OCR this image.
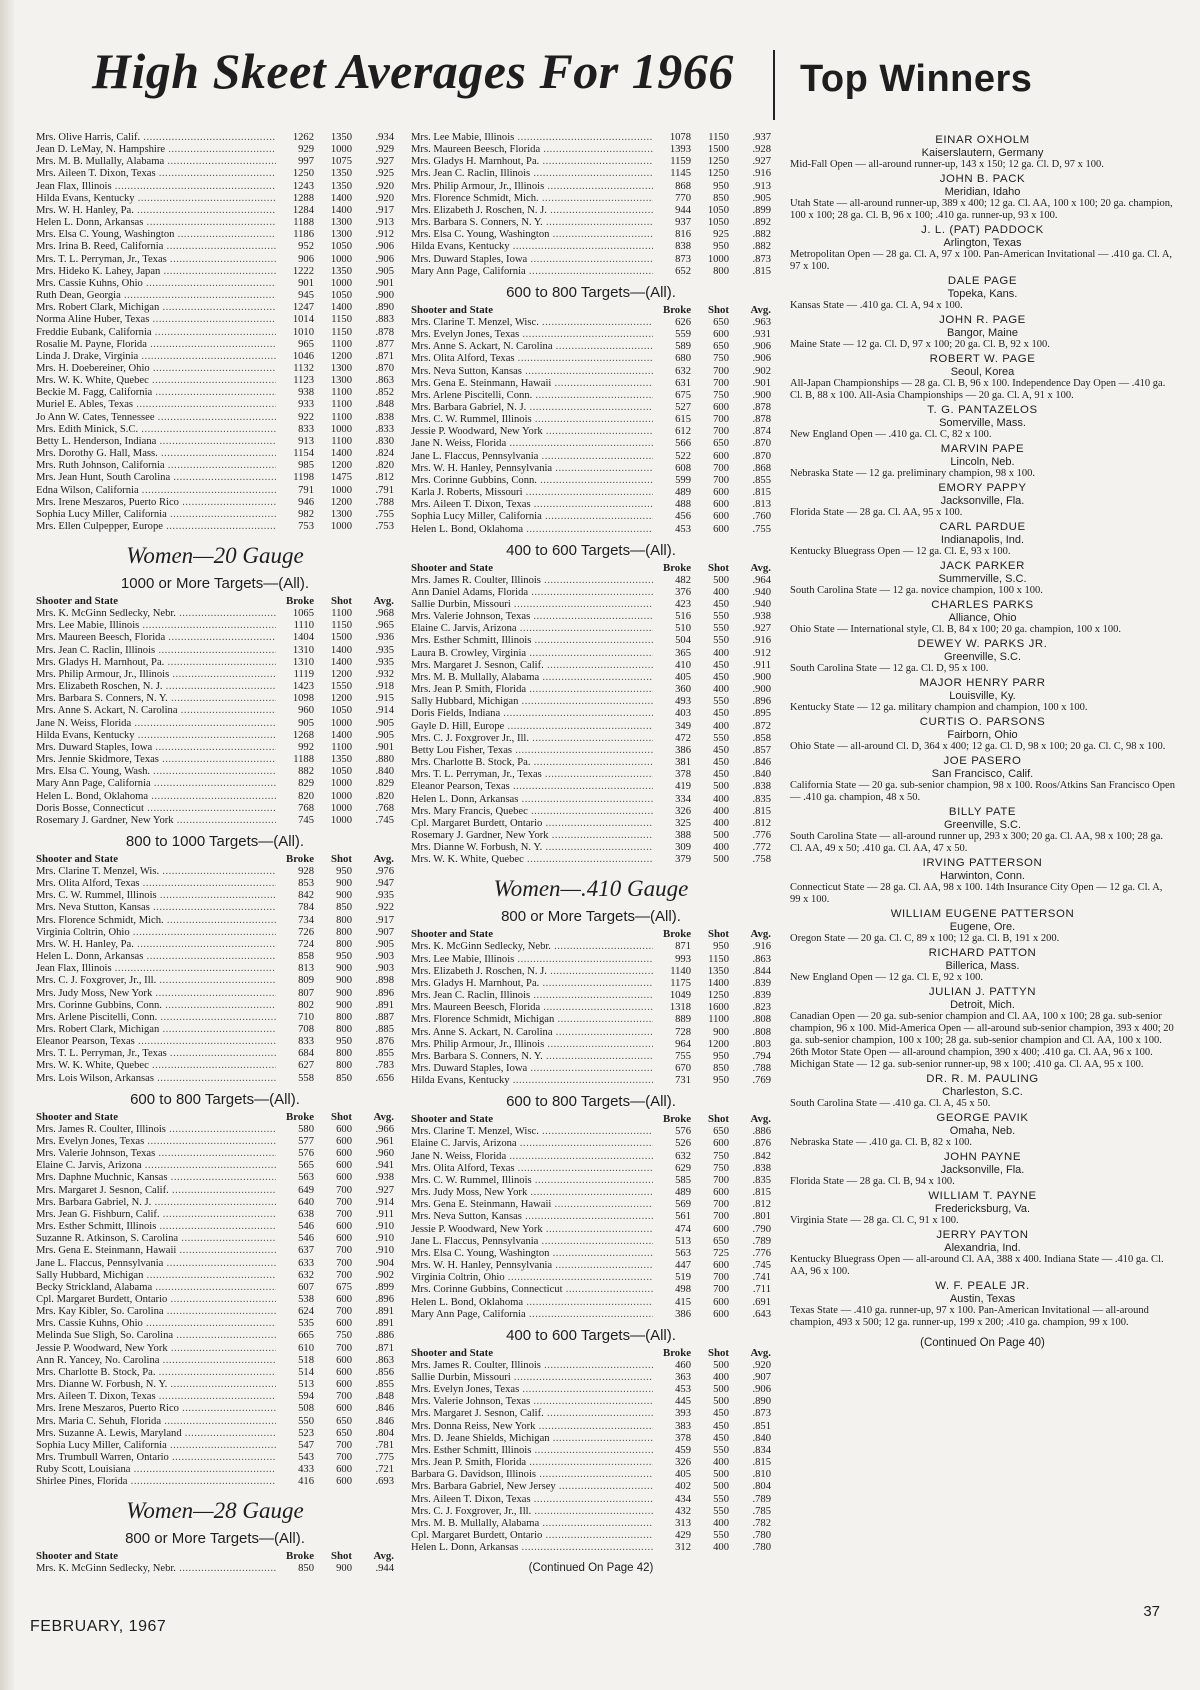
High Skeet Averages For 1966 Top Winners
Mrs. Olive Harris, Calif. .....	1262	1350	.934
Jean D. LeMay, N. Hampshire .....	929	1000	.929
Mrs. M. B. Mullally, Alabama .....	997	1075	.927
Mrs. Aileen T. Dixon, Texas .....	1250	1350	.925
Jean Flax, Illinois .....	1243	1350	.920
Hilda Evans, Kentucky .....	1288	1400	.920
Mrs. W. H. Hanley, Pa. .....	1284	1400	.917
Helen L. Donn, Arkansas .....	1188	1300	.913
Mrs. Elsa C. Young, Washington .....	1186	1300	.912
Mrs. Irina B. Reed, California .....	952	1050	.906
Mrs. T. L. Perryman, Jr., Texas .....	906	1000	.906
Mrs. Hideko K. Lahey, Japan .....	1222	1350	.905
Mrs. Cassie Kuhns, Ohio .....	901	1000	.901
Ruth Dean, Georgia .....	945	1050	.900
Mrs. Robert Clark, Michigan .....	1247	1400	.890
Norma Aline Huber, Texas .....	1014	1150	.883
Freddie Eubank, California .....	1010	1150	.878
Rosalie M. Payne, Florida .....	965	1100	.877
Linda J. Drake, Virginia .....	1046	1200	.871
Mrs. H. Doebereiner, Ohio .....	1132	1300	.870
Mrs. W. K. White, Quebec .....	1123	1300	.863
Beckie M. Fagg, California .....	938	1100	.852
Muriel E. Ables, Texas .....	933	1100	.848
Jo Ann W. Cates, Tennessee .....	922	1100	.838
Mrs. Edith Minick, S.C. .....	833	1000	.833
Betty L. Henderson, Indiana .....	913	1100	.830
Mrs. Dorothy G. Hall, Mass. .....	1154	1400	.824
Mrs. Ruth Johnson, California .....	985	1200	.820
Mrs. Jean Hunt, South Carolina .....	1198	1475	.812
Edna Wilson, California .....	791	1000	.791
Mrs. Irene Meszaros, Puerto Rico .....	946	1200	.788
Sophia Lucy Miller, California .....	982	1300	.755
Mrs. Ellen Culpepper, Europe .....	753	1000	.753
Women—20 Gauge
1000 or More Targets—(All).
Shooter and State	Broke	Shot	Avg.
Mrs. K. McGinn Sedlecky, Nebr. .....	1065	1100	.968
Mrs. Lee Mabie, Illinois .....	1110	1150	.965
Mrs. Maureen Beesch, Florida .....	1404	1500	.936
Mrs. Jean C. Raclin, Illinois .....	1310	1400	.935
Mrs. Gladys H. Marnhout, Pa. .....	1310	1400	.935
Mrs. Philip Armour, Jr., Illinois .....	1119	1200	.932
Mrs. Elizabeth Roschen, N. J. .....	1423	1550	.918
Mrs. Barbara S. Conners, N. Y. .....	1098	1200	.915
Mrs. Anne S. Ackart, N. Carolina .....	960	1050	.914
Jane N. Weiss, Florida .....	905	1000	.905
Hilda Evans, Kentucky .....	1268	1400	.905
Mrs. Duward Staples, Iowa .....	992	1100	.901
Mrs. Jennie Skidmore, Texas .....	1188	1350	.880
Mrs. Elsa C. Young, Wash. .....	882	1050	.840
Mary Ann Page, California .....	829	1000	.829
Helen L. Bond, Oklahoma .....	820	1000	.820
Doris Bosse, Connecticut .....	768	1000	.768
Rosemary J. Gardner, New York .....	745	1000	.745
800 to 1000 Targets—(All).
Shooter and State	Broke	Shot	Avg.
Mrs. Clarine T. Menzel, Wis. .....	928	950	.976
Mrs. Olita Alford, Texas .....	853	900	.947
Mrs. C. W. Rummel, Illinois .....	842	900	.935
Mrs. Neva Stutton, Kansas .....	784	850	.922
Mrs. Florence Schmidt, Mich. .....	734	800	.917
Virginia Coltrin, Ohio .....	726	800	.907
Mrs. W. H. Hanley, Pa. .....	724	800	.905
Helen L. Donn, Arkansas .....	858	950	.903
Jean Flax, Illinois .....	813	900	.903
Mrs. C. J. Foxgrover, Jr., Ill. .....	809	900	.898
Mrs. Judy Moss, New York .....	807	900	.896
Mrs. Corinne Gubbins, Conn. .....	802	900	.891
Mrs. Arlene Piscitelli, Conn. .....	710	800	.887
Mrs. Robert Clark, Michigan .....	708	800	.885
Eleanor Pearson, Texas .....	833	950	.876
Mrs. T. L. Perryman, Jr., Texas .....	684	800	.855
Mrs. W. K. White, Quebec .....	627	800	.783
Mrs. Lois Wilson, Arkansas .....	558	850	.656
600 to 800 Targets—(All).
Shooter and State	Broke	Shot	Avg.
Mrs. James R. Coulter, Illinois .....	580	600	.966
Mrs. Evelyn Jones, Texas .....	577	600	.961
Mrs. Valerie Johnson, Texas .....	576	600	.960
Elaine C. Jarvis, Arizona .....	565	600	.941
Mrs. Daphne Muchnic, Kansas .....	563	600	.938
Mrs. Margaret J. Sesnon, Calif. .....	649	700	.927
Mrs. Barbara Gabriel, N. J. .....	640	700	.914
Mrs. Jean G. Fishburn, Calif. .....	638	700	.911
Mrs. Esther Schmitt, Illinois .....	546	600	.910
Suzanne R. Atkinson, S. Carolina .....	546	600	.910
Mrs. Gena E. Steinmann, Hawaii .....	637	700	.910
Jane L. Flaccus, Pennsylvania .....	633	700	.904
Sally Hubbard, Michigan .....	632	700	.902
Becky Strickland, Alabama .....	607	675	.899
Cpl. Margaret Burdett, Ontario .....	538	600	.896
Mrs. Kay Kibler, So. Carolina .....	624	700	.891
Mrs. Cassie Kuhns, Ohio .....	535	600	.891
Melinda Sue Sligh, So. Carolina .....	665	750	.886
Jessie P. Woodward, New York .....	610	700	.871
Ann R. Yancey, No. Carolina .....	518	600	.863
Mrs. Charlotte B. Stock, Pa. .....	514	600	.856
Mrs. Dianne W. Forbush, N. Y. .....	513	600	.855
Mrs. Aileen T. Dixon, Texas .....	594	700	.848
Mrs. Irene Meszaros, Puerto Rico .....	508	600	.846
Mrs. Maria C. Sehuh, Florida .....	550	650	.846
Mrs. Suzanne A. Lewis, Maryland .....	523	650	.804
Sophia Lucy Miller, California .....	547	700	.781
Mrs. Trumbull Warren, Ontario .....	543	700	.775
Ruby Scott, Louisiana .....	433	600	.721
Shirlee Pines, Florida .....	416	600	.693
Women—28 Gauge
800 or More Targets—(All).
Shooter and State	Broke	Shot	Avg.
Mrs. K. McGinn Sedlecky, Nebr. .....	850	900	.944
Mrs. Lee Mabie, Illinois .....	1078	1150	.937
Mrs. Maureen Beesch, Florida .....	1393	1500	.928
Mrs. Gladys H. Marnhout, Pa. .....	1159	1250	.927
Mrs. Jean C. Raclin, Illinois .....	1145	1250	.916
Mrs. Philip Armour, Jr., Illinois .....	868	950	.913
Mrs. Florence Schmidt, Mich. .....	770	850	.905
Mrs. Elizabeth J. Roschen, N. J. .....	944	1050	.899
Mrs. Barbara S. Conners, N. Y. .....	937	1050	.892
Mrs. Elsa C. Young, Washington .....	816	925	.882
Hilda Evans, Kentucky .....	838	950	.882
Mrs. Duward Staples, Iowa .....	873	1000	.873
Mary Ann Page, California .....	652	800	.815
600 to 800 Targets—(All).
Shooter and State	Broke	Shot	Avg.
Mrs. Clarine T. Menzel, Wisc. .....	626	650	.963
Mrs. Evelyn Jones, Texas .....	559	600	.931
Mrs. Anne S. Ackart, N. Carolina .....	589	650	.906
Mrs. Olita Alford, Texas .....	680	750	.906
Mrs. Neva Sutton, Kansas .....	632	700	.902
Mrs. Gena E. Steinmann, Hawaii .....	631	700	.901
Mrs. Arlene Piscitelli, Conn. .....	675	750	.900
Mrs. Barbara Gabriel, N. J. .....	527	600	.878
Mrs. C. W. Rummel, Illinois .....	615	700	.878
Jessie P. Woodward, New York .....	612	700	.874
Jane N. Weiss, Florida .....	566	650	.870
Jane L. Flaccus, Pennsylvania .....	522	600	.870
Mrs. W. H. Hanley, Pennsylvania .....	608	700	.868
Mrs. Corinne Gubbins, Conn. .....	599	700	.855
Karla J. Roberts, Missouri .....	489	600	.815
Mrs. Aileen T. Dixon, Texas .....	488	600	.813
Sophia Lucy Miller, California .....	456	600	.760
Helen L. Bond, Oklahoma .....	453	600	.755
400 to 600 Targets—(All).
Shooter and State	Broke	Shot	Avg.
Mrs. James R. Coulter, Illinois .....	482	500	.964
Ann Daniel Adams, Florida .....	376	400	.940
Sallie Durbin, Missouri .....	423	450	.940
Mrs. Valerie Johnson, Texas .....	516	550	.938
Elaine C. Jarvis, Arizona .....	510	550	.927
Mrs. Esther Schmitt, Illinois .....	504	550	.916
Laura B. Crowley, Virginia .....	365	400	.912
Mrs. Margaret J. Sesnon, Calif. .....	410	450	.911
Mrs. M. B. Mullally, Alabama .....	405	450	.900
Mrs. Jean P. Smith, Florida .....	360	400	.900
Sally Hubbard, Michigan .....	493	550	.896
Doris Fields, Indiana .....	403	450	.895
Gayle D. Hill, Europe .....	349	400	.872
Mrs. C. J. Foxgrover Jr., Ill. .....	472	550	.858
Betty Lou Fisher, Texas .....	386	450	.857
Mrs. Charlotte B. Stock, Pa. .....	381	450	.846
Mrs. T. L. Perryman, Jr., Texas .....	378	450	.840
Eleanor Pearson, Texas .....	419	500	.838
Helen L. Donn, Arkansas .....	334	400	.835
Mrs. Mary Francis, Quebec .....	326	400	.815
Cpl. Margaret Burdett, Ontario .....	325	400	.812
Rosemary J. Gardner, New York .....	388	500	.776
Mrs. Dianne W. Forbush, N. Y. .....	309	400	.772
Mrs. W. K. White, Quebec .....	379	500	.758
Women—.410 Gauge
800 or More Targets—(All).
Shooter and State	Broke	Shot	Avg.
Mrs. K. McGinn Sedlecky, Nebr. .....	871	950	.916
Mrs. Lee Mabie, Illinois .....	993	1150	.863
Mrs. Elizabeth J. Roschen, N. J. .....	1140	1350	.844
Mrs. Gladys H. Marnhout, Pa. .....	1175	1400	.839
Mrs. Jean C. Raclin, Illinois .....	1049	1250	.839
Mrs. Maureen Beesch, Florida .....	1318	1600	.823
Mrs. Florence Schmidt, Michigan .....	889	1100	.808
Mrs. Anne S. Ackart, N. Carolina .....	728	900	.808
Mrs. Philip Armour, Jr., Illinois .....	964	1200	.803
Mrs. Barbara S. Conners, N. Y. .....	755	950	.794
Mrs. Duward Staples, Iowa .....	670	850	.788
Hilda Evans, Kentucky .....	731	950	.769
600 to 800 Targets—(All).
Shooter and State	Broke	Shot	Avg.
Mrs. Clarine T. Menzel, Wisc. .....	576	650	.886
Elaine C. Jarvis, Arizona .....	526	600	.876
Jane N. Weiss, Florida .....	632	750	.842
Mrs. Olita Alford, Texas .....	629	750	.838
Mrs. C. W. Rummel, Illinois .....	585	700	.835
Mrs. Judy Moss, New York .....	489	600	.815
Mrs. Gena E. Steinmann, Hawaii .....	569	700	.812
Mrs. Neva Sutton, Kansas .....	561	700	.801
Jessie P. Woodward, New York .....	474	600	.790
Jane L. Flaccus, Pennsylvania .....	513	650	.789
Mrs. Elsa C. Young, Washington .....	563	725	.776
Mrs. W. H. Hanley, Pennsylvania .....	447	600	.745
Virginia Coltrin, Ohio .....	519	700	.741
Mrs. Corinne Gubbins, Connecticut .....	498	700	.711
Helen L. Bond, Oklahoma .....	415	600	.691
Mary Ann Page, California .....	386	600	.643
400 to 600 Targets—(All).
Shooter and State	Broke	Shot	Avg.
Mrs. James R. Coulter, Illinois .....	460	500	.920
Sallie Durbin, Missouri .....	363	400	.907
Mrs. Evelyn Jones, Texas .....	453	500	.906
Mrs. Valerie Johnson, Texas .....	445	500	.890
Mrs. Margaret J. Sesnon, Calif. .....	393	450	.873
Mrs. Donna Reiss, New York .....	383	450	.851
Mrs. D. Jeane Shields, Michigan .....	378	450	.840
Mrs. Esther Schmitt, Illinois .....	459	550	.834
Mrs. Jean P. Smith, Florida .....	326	400	.815
Barbara G. Davidson, Illinois .....	405	500	.810
Mrs. Barbara Gabriel, New Jersey .....	402	500	.804
Mrs. Aileen T. Dixon, Texas .....	434	550	.789
Mrs. C. J. Foxgrover, Jr., Ill. .....	432	550	.785
Mrs. M. B. Mullally, Alabama .....	313	400	.782
Cpl. Margaret Burdett, Ontario .....	429	550	.780
Helen L. Donn, Arkansas .....	312	400	.780
(Continued On Page 42)
EINAR OXHOLM
Kaiserslautern, Germany
Mid-Fall Open — all-around runner-up, 143 x 150; 12 ga. Cl. D, 97 x 100.
JOHN B. PACK
Meridian, Idaho
Utah State — all-around runner-up, 389 x 400; 12 ga. Cl. AA, 100 x 100; 20 ga. champion, 100 x 100; 28 ga. Cl. B, 96 x 100; .410 ga. runner-up, 93 x 100.
J. L. (PAT) PADDOCK
Arlington, Texas
Metropolitan Open — 28 ga. Cl. A, 97 x 100. Pan-American Invitational — .410 ga. Cl. A, 97 x 100.
DALE PAGE
Topeka, Kans.
Kansas State — .410 ga. Cl. A, 94 x 100.
JOHN R. PAGE
Bangor, Maine
Maine State — 12 ga. Cl. D, 97 x 100; 20 ga. Cl. B, 92 x 100.
ROBERT W. PAGE
Seoul, Korea
All-Japan Championships — 28 ga. Cl. B, 96 x 100. Independence Day Open — .410 ga. Cl. B, 88 x 100. All-Asia Championships — 20 ga. Cl. A, 91 x 100.
T. G. PANTAZELOS
Somerville, Mass.
New England Open — .410 ga. Cl. C, 82 x 100.
MARVIN PAPE
Lincoln, Neb.
Nebraska State — 12 ga. preliminary champion, 98 x 100.
EMORY PAPPY
Jacksonville, Fla.
Florida State — 28 ga. Cl. AA, 95 x 100.
CARL PARDUE
Indianapolis, Ind.
Kentucky Bluegrass Open — 12 ga. Cl. E, 93 x 100.
JACK PARKER
Summerville, S.C.
South Carolina State — 12 ga. novice champion, 100 x 100.
CHARLES PARKS
Alliance, Ohio
Ohio State — International style, Cl. B, 84 x 100; 20 ga. champion, 100 x 100.
DEWEY W. PARKS JR.
Greenville, S.C.
South Carolina State — 12 ga. Cl. D, 95 x 100.
MAJOR HENRY PARR
Louisville, Ky.
Kentucky State — 12 ga. military champion and champion, 100 x 100.
CURTIS O. PARSONS
Fairborn, Ohio
Ohio State — all-around Cl. D, 364 x 400; 12 ga. Cl. D, 98 x 100; 20 ga. Cl. C, 98 x 100.
JOE PASERO
San Francisco, Calif.
California State — 20 ga. sub-senior champion, 98 x 100. Roos/Atkins San Francisco Open — .410 ga. champion, 48 x 50.
BILLY PATE
Greenville, S.C.
South Carolina State — all-around runner up, 293 x 300; 20 ga. Cl. AA, 98 x 100; 28 ga. Cl. AA, 49 x 50; .410 ga. Cl. AA, 47 x 50.
IRVING PATTERSON
Harwinton, Conn.
Connecticut State — 28 ga. Cl. AA, 98 x 100. 14th Insurance City Open — 12 ga. Cl. A, 99 x 100.
WILLIAM EUGENE PATTERSON
Eugene, Ore.
Oregon State — 20 ga. Cl. C, 89 x 100; 12 ga. Cl. B, 191 x 200.
RICHARD PATTON
Billerica, Mass.
New England Open — 12 ga. Cl. E, 92 x 100.
JULIAN J. PATTYN
Detroit, Mich.
Canadian Open — 20 ga. sub-senior champion and Cl. AA, 100 x 100; 28 ga. sub-senior champion, 96 x 100. Mid-America Open — all-around sub-senior champion, 393 x 400; 20 ga. sub-senior champion, 100 x 100; 28 ga. sub-senior champion and Cl. AA, 100 x 100. 26th Motor State Open — all-around champion, 390 x 400; .410 ga. Cl. AA, 96 x 100. Michigan State — 12 ga. sub-senior runner-up, 98 x 100; .410 ga. Cl. AA, 95 x 100.
DR. R. M. PAULING
Charleston, S.C.
South Carolina State — .410 ga. Cl. A, 45 x 50.
GEORGE PAVIK
Omaha, Neb.
Nebraska State — .410 ga. Cl. B, 82 x 100.
JOHN PAYNE
Jacksonville, Fla.
Florida State — 28 ga. Cl. B, 94 x 100.
WILLIAM T. PAYNE
Fredericksburg, Va.
Virginia State — 28 ga. Cl. C, 91 x 100.
JERRY PAYTON
Alexandria, Ind.
Kentucky Bluegrass Open — all-around Cl. AA, 388 x 400. Indiana State — .410 ga. Cl. AA, 96 x 100.
W. F. PEALE JR.
Austin, Texas
Texas State — .410 ga. runner-up, 97 x 100. Pan-American Invitational — all-around champion, 493 x 500; 12 ga. runner-up, 199 x 200; .410 ga. champion, 99 x 100.
(Continued On Page 40)
FEBRUARY, 1967
37
